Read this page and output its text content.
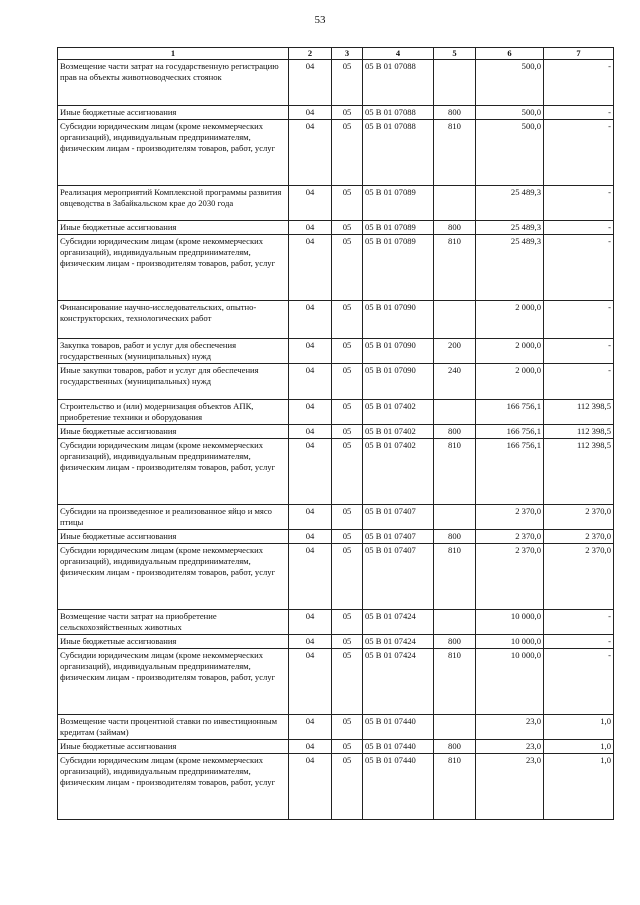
53
1	2	3	4	5	6	7
Возмещение части затрат на государственную регистрацию прав на объекты животноводческих стоянок	04	05	05 В 01 07088		500,0	-
Иные бюджетные ассигнования	04	05	05 В 01 07088	800	500,0	-
Субсидии юридическим лицам (кроме некоммерческих организаций), индивидуальным предпринимателям, физическим лицам - производителям товаров, работ, услуг	04	05	05 В 01 07088	810	500,0	-
Реализация мероприятий Комплексной программы развития овцеводства в Забайкальском крае до 2030 года	04	05	05 В 01 07089		25 489,3	-
Иные бюджетные ассигнования	04	05	05 В 01 07089	800	25 489,3	-
Субсидии юридическим лицам (кроме некоммерческих организаций), индивидуальным предпринимателям, физическим лицам - производителям товаров, работ, услуг	04	05	05 В 01 07089	810	25 489,3	-
Финансирование научно-исследовательских, опытно-конструкторских, технологических работ	04	05	05 В 01 07090		2 000,0	-
Закупка товаров, работ и услуг для обеспечения государственных (муниципальных) нужд	04	05	05 В 01 07090	200	2 000,0	-
Иные закупки товаров, работ и услуг для обеспечения государственных (муниципальных) нужд	04	05	05 В 01 07090	240	2 000,0	-
Строительство и (или) модернизация объектов АПК, приобретение техники и оборудования	04	05	05 В 01 07402		166 756,1	112 398,5
Иные бюджетные ассигнования	04	05	05 В 01 07402	800	166 756,1	112 398,5
Субсидии юридическим лицам (кроме некоммерческих организаций), индивидуальным предпринимателям, физическим лицам - производителям товаров, работ, услуг	04	05	05 В 01 07402	810	166 756,1	112 398,5
Субсидии на произведенное и реализованное яйцо и мясо птицы	04	05	05 В 01 07407		2 370,0	2 370,0
Иные бюджетные ассигнования	04	05	05 В 01 07407	800	2 370,0	2 370,0
Субсидии юридическим лицам (кроме некоммерческих организаций), индивидуальным предпринимателям, физическим лицам - производителям товаров, работ, услуг	04	05	05 В 01 07407	810	2 370,0	2 370,0
Возмещение части затрат на приобретение сельскохозяйственных животных	04	05	05 В 01 07424		10 000,0	-
Иные бюджетные ассигнования	04	05	05 В 01 07424	800	10 000,0	-
Субсидии юридическим лицам (кроме некоммерческих организаций), индивидуальным предпринимателям, физическим лицам - производителям товаров, работ, услуг	04	05	05 В 01 07424	810	10 000,0	-
Возмещение части процентной ставки по инвестиционным кредитам (займам)	04	05	05 В 01 07440		23,0	1,0
Иные бюджетные ассигнования	04	05	05 В 01 07440	800	23,0	1,0
Субсидии юридическим лицам (кроме некоммерческих организаций), индивидуальным предпринимателям, физическим лицам - производителям товаров, работ, услуг	04	05	05 В 01 07440	810	23,0	1,0
